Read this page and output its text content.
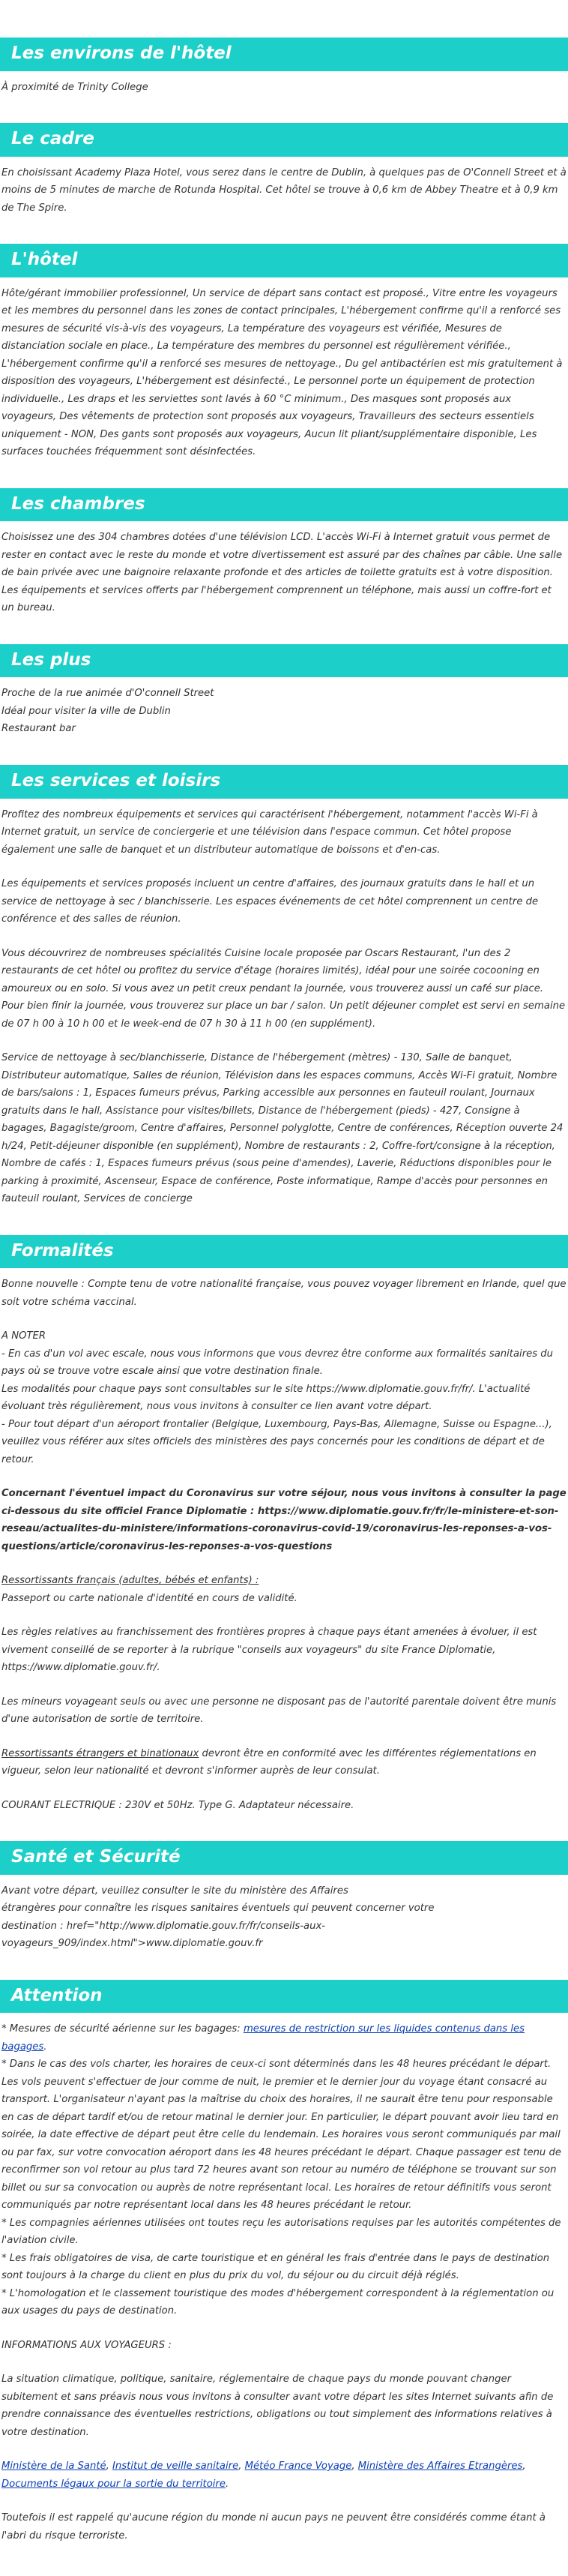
Les environs de l'hôtel

À proximité de Trinity College

Le cadre

En choisissant Academy Plaza Hotel, vous serez dans le centre de Dublin, à quelques pas de O'Connell Street et à moins de 5 minutes de marche de Rotunda Hospital. Cet hôtel se trouve à 0,6 km de Abbey Theatre et à 0,9 km de The Spire.

L'hôtel

Hôte/gérant immobilier professionnel, Un service de départ sans contact est proposé., Vitre entre les voyageurs et les membres du personnel dans les zones de contact principales, L'hébergement confirme qu'il a renforcé ses mesures de sécurité vis-à-vis des voyageurs, La température des voyageurs est vérifiée, Mesures de distanciation sociale en place., La température des membres du personnel est régulièrement vérifiée., L'hébergement confirme qu'il a renforcé ses mesures de nettoyage., Du gel antibactérien est mis gratuitement à disposition des voyageurs, L'hébergement est désinfecté., Le personnel porte un équipement de protection individuelle., Les draps et les serviettes sont lavés à 60 °C minimum., Des masques sont proposés aux voyageurs, Des vêtements de protection sont proposés aux voyageurs, Travailleurs des secteurs essentiels uniquement - NON, Des gants sont proposés aux voyageurs, Aucun lit pliant/supplémentaire disponible, Les surfaces touchées fréquemment sont désinfectées.

Les chambres

Choisissez une des 304 chambres dotées d'une télévision LCD. L'accès Wi-Fi à Internet gratuit vous permet de rester en contact avec le reste du monde et votre divertissement est assuré par des chaînes par câble. Une salle de bain privée avec une baignoire relaxante profonde et des articles de toilette gratuits est à votre disposition. Les équipements et services offerts par l'hébergement comprennent un téléphone, mais aussi un coffre-fort et un bureau.

Les plus

Proche de la rue animée d'O'connell Street
Idéal pour visiter la ville de Dublin
Restaurant bar

Les services et loisirs

Profitez des nombreux équipements et services qui caractérisent l'hébergement, notamment l'accès Wi-Fi à Internet gratuit, un service de conciergerie et une télévision dans l'espace commun. Cet hôtel propose également une salle de banquet et un distributeur automatique de boissons et d'en-cas.

Les équipements et services proposés incluent un centre d'affaires, des journaux gratuits dans le hall et un service de nettoyage à sec / blanchisserie. Les espaces événements de cet hôtel comprennent un centre de conférence et des salles de réunion.

Vous découvrirez de nombreuses spécialités Cuisine locale proposée par Oscars Restaurant, l'un des 2 restaurants de cet hôtel ou profitez du service d'étage (horaires limités), idéal pour une soirée cocooning en amoureux ou en solo. Si vous avez un petit creux pendant la journée, vous trouverez aussi un café sur place. Pour bien finir la journée, vous trouverez sur place un bar / salon. Un petit déjeuner complet est servi en semaine de 07 h 00 à 10 h 00 et le week-end de 07 h 30 à 11 h 00 (en supplément).

Service de nettoyage à sec/blanchisserie, Distance de l'hébergement (mètres) - 130, Salle de banquet, Distributeur automatique, Salles de réunion, Télévision dans les espaces communs, Accès Wi-Fi gratuit, Nombre de bars/salons : 1, Espaces fumeurs prévus, Parking accessible aux personnes en fauteuil roulant, Journaux gratuits dans le hall, Assistance pour visites/billets, Distance de l'hébergement (pieds) - 427, Consigne à bagages, Bagagiste/groom, Centre d'affaires, Personnel polyglotte, Centre de conférences, Réception ouverte 24 h/24, Petit-déjeuner disponible (en supplément), Nombre de restaurants : 2, Coffre-fort/consigne à la réception, Nombre de cafés : 1, Espaces fumeurs prévus (sous peine d'amendes), Laverie, Réductions disponibles pour le parking à proximité, Ascenseur, Espace de conférence, Poste informatique, Rampe d'accès pour personnes en fauteuil roulant, Services de concierge

Formalités

Bonne nouvelle : Compte tenu de votre nationalité française, vous pouvez voyager librement en Irlande, quel que soit votre schéma vaccinal.

A NOTER
- En cas d'un vol avec escale, nous vous informons que vous devrez être conforme aux formalités sanitaires du pays où se trouve votre escale ainsi que votre destination finale.
Les modalités pour chaque pays sont consultables sur le site https://www.diplomatie.gouv.fr/fr/. L'actualité évoluant très régulièrement, nous vous invitons à consulter ce lien avant votre départ.
- Pour tout départ d'un aéroport frontalier (Belgique, Luxembourg, Pays-Bas, Allemagne, Suisse ou Espagne...), veuillez vous référer aux sites officiels des ministères des pays concernés pour les conditions de départ et de retour.

Concernant l'éventuel impact du Coronavirus sur votre séjour, nous vous invitons à consulter la page ci-dessous du site officiel France Diplomatie : https://www.diplomatie.gouv.fr/fr/le-ministere-et-son-reseau/actualites-du-ministere/informations-coronavirus-covid-19/coronavirus-les-reponses-a-vos-questions/article/coronavirus-les-reponses-a-vos-questions

Ressortissants français (adultes, bébés et enfants) :
Passeport ou carte nationale d'identité en cours de validité.

Les règles relatives au franchissement des frontières propres à chaque pays étant amenées à évoluer, il est vivement conseillé de se reporter à la rubrique "conseils aux voyageurs" du site France Diplomatie, https://www.diplomatie.gouv.fr/.

Les mineurs voyageant seuls ou avec une personne ne disposant pas de l'autorité parentale doivent être munis d'une autorisation de sortie de territoire.

Ressortissants étrangers et binationaux devront être en conformité avec les différentes réglementations en vigueur, selon leur nationalité et devront s'informer auprès de leur consulat.

COURANT ELECTRIQUE : 230V et 50Hz. Type G. Adaptateur nécessaire.

Santé et Sécurité

Avant votre départ, veuillez consulter le site du ministère des Affaires
étrangères pour connaître les risques sanitaires éventuels qui peuvent concerner votre
destination : href="http://www.diplomatie.gouv.fr/fr/conseils-aux-voyageurs_909/index.html">www.diplomatie.gouv.fr

Attention

* Mesures de sécurité aérienne sur les bagages: mesures de restriction sur les liquides contenus dans les bagages.
* Dans le cas des vols charter, les horaires de ceux-ci sont déterminés dans les 48 heures précédant le départ. Les vols peuvent s'effectuer de jour comme de nuit, le premier et le dernier jour du voyage étant consacré au transport. L'organisateur n'ayant pas la maîtrise du choix des horaires, il ne saurait être tenu pour responsable en cas de départ tardif et/ou de retour matinal le dernier jour. En particulier, le départ pouvant avoir lieu tard en soirée, la date effective de départ peut être celle du lendemain. Les horaires vous seront communiqués par mail ou par fax, sur votre convocation aéroport dans les 48 heures précédant le départ. Chaque passager est tenu de reconfirmer son vol retour au plus tard 72 heures avant son retour au numéro de téléphone se trouvant sur son billet ou sur sa convocation ou auprès de notre représentant local. Les horaires de retour définitifs vous seront communiqués par notre représentant local dans les 48 heures précédant le retour.
* Les compagnies aériennes utilisées ont toutes reçu les autorisations requises par les autorités compétentes de l'aviation civile.
* Les frais obligatoires de visa, de carte touristique et en général les frais d'entrée dans le pays de destination sont toujours à la charge du client en plus du prix du vol, du séjour ou du circuit déjà réglés.
* L'homologation et le classement touristique des modes d'hébergement correspondent à la réglementation ou aux usages du pays de destination.

INFORMATIONS AUX VOYAGEURS :

La situation climatique, politique, sanitaire, réglementaire de chaque pays du monde pouvant changer subitement et sans préavis nous vous invitons à consulter avant votre départ les sites Internet suivants afin de prendre connaissance des éventuelles restrictions, obligations ou tout simplement des informations relatives à votre destination.

Ministère de la Santé, Institut de veille sanitaire, Météo France Voyage, Ministère des Affaires Etrangères, Documents légaux pour la sortie du territoire.

Toutefois il est rappelé qu'aucune région du monde ni aucun pays ne peuvent être considérés comme étant à l'abri du risque terroriste.
